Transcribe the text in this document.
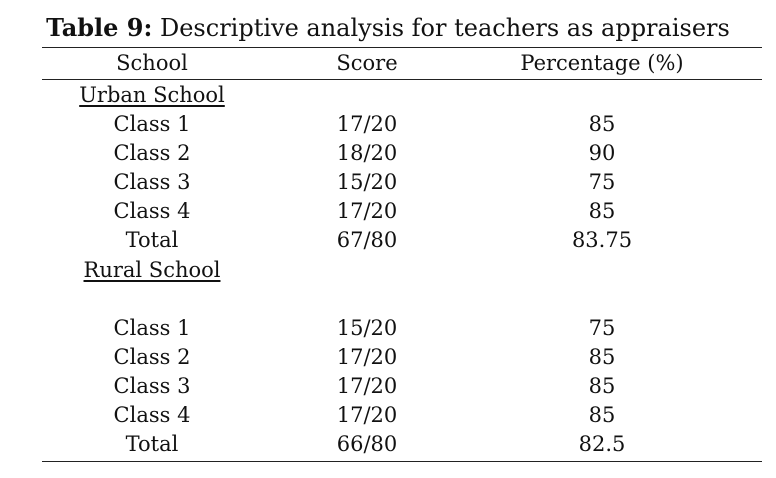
Table 9: Descriptive analysis for teachers as appraisers
School	Score	Percentage (%)
Urban School
Class 1	17/20	85
Class 2	18/20	90
Class 3	15/20	75
Class 4	17/20	85
Total	67/80	83.75
Rural School
Class 1	15/20	75
Class 2	17/20	85
Class 3	17/20	85
Class 4	17/20	85
Total	66/80	82.5
